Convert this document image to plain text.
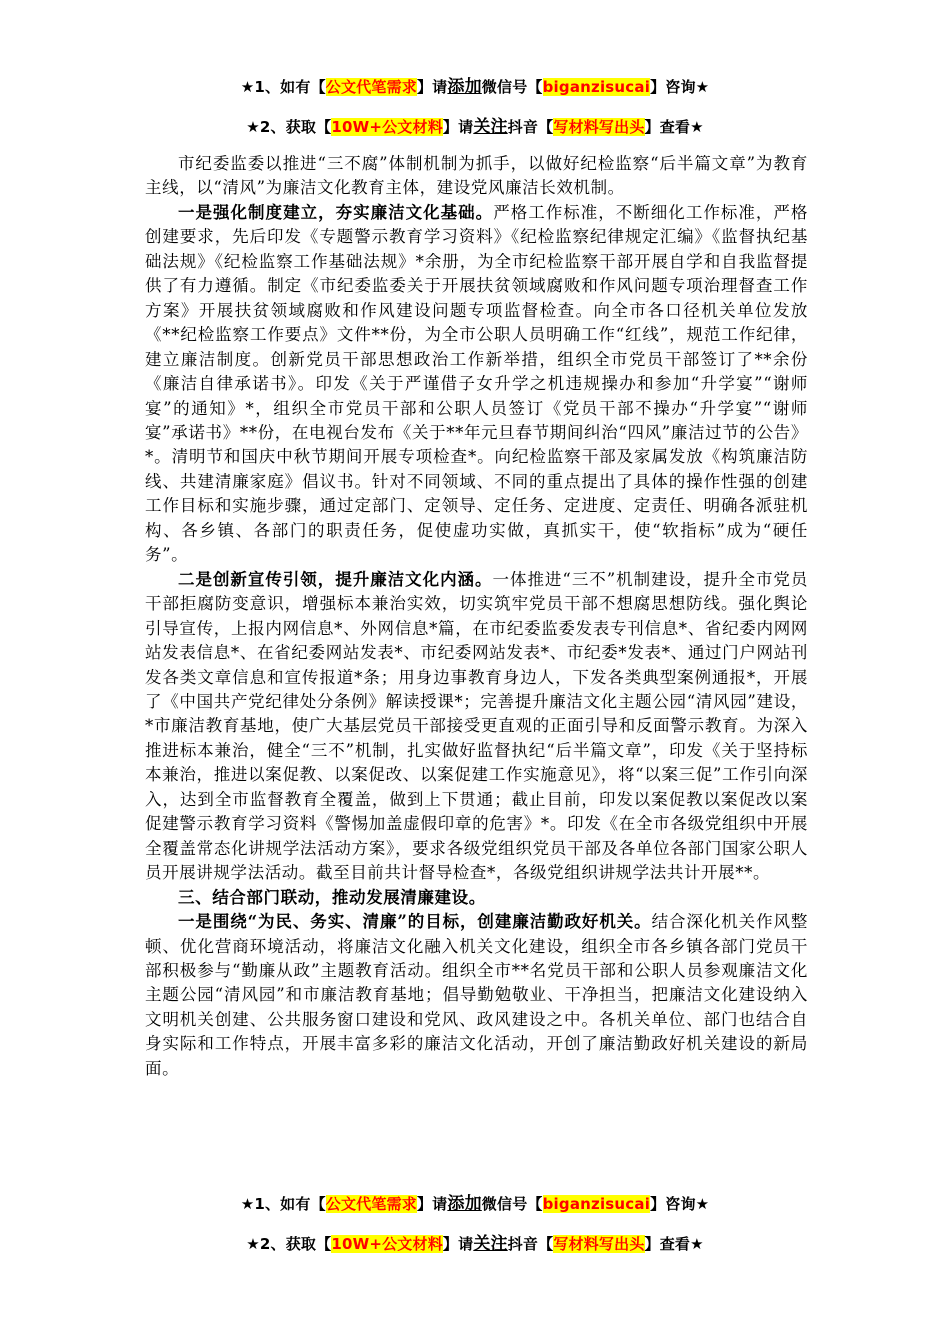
★1、如有【公文代笔需求】请添加微信号【biganzisucai】咨询★
★2、获取【10W+公文材料】请关注抖音【写材料写出头】查看★

市纪委监委以推进“三不腐”体制机制为抓手，以做好纪检监察“后半篇文章”为教育主线，以“清风”为廉洁文化教育主体，建设党风廉洁长效机制。

一是强化制度建立，夯实廉洁文化基础。严格工作标准，不断细化工作标准，严格创建要求，先后印发《专题警示教育学习资料》《纪检监察纪律规定汇编》《监督执纪基础法规》《纪检监察工作基础法规》*余册，为全市纪检监察干部开展自学和自我监督提供了有力遵循。制定《市纪委监委关于开展扶贫领域腐败和作风问题专项治理督查工作方案》开展扶贫领域腐败和作风建设问题专项监督检查。向全市各口径机关单位发放《**纪检监察工作要点》文件**份，为全市公职人员明确工作“红线”，规范工作纪律，建立廉洁制度。创新党员干部思想政治工作新举措，组织全市党员干部签订了**余份《廉洁自律承诺书》。印发《关于严谨借子女升学之机违规操办和参加“升学宴”“谢师宴”的通知》*，组织全市党员干部和公职人员签订《党员干部不操办“升学宴”“谢师宴”承诺书》**份，在电视台发布《关于**年元旦春节期间纠治“四风”廉洁过节的公告》*。清明节和国庆中秋节期间开展专项检查*。向纪检监察干部及家属发放《构筑廉洁防线、共建清廉家庭》倡议书。针对不同领域、不同的重点提出了具体的操作性强的创建工作目标和实施步骤，通过定部门、定领导、定任务、定进度、定责任、明确各派驻机构、各乡镇、各部门的职责任务，促使虚功实做，真抓实干，使“软指标”成为“硬任务”。

二是创新宣传引领，提升廉洁文化内涵。一体推进“三不”机制建设，提升全市党员干部拒腐防变意识，增强标本兼治实效，切实筑牢党员干部不想腐思想防线。强化舆论引导宣传，上报内网信息*、外网信息*篇，在市纪委监委发表专刊信息*、省纪委内网网站发表信息*、在省纪委网站发表*、市纪委网站发表*、市纪委*发表*、通过门户网站刊发各类文章信息和宣传报道*条；用身边事教育身边人，下发各类典型案例通报*，开展了《中国共产党纪律处分条例》解读授课*；完善提升廉洁文化主题公园“清风园”建设，*市廉洁教育基地，使广大基层党员干部接受更直观的正面引导和反面警示教育。为深入推进标本兼治，健全“三不”机制，扎实做好监督执纪“后半篇文章”，印发《关于坚持标本兼治，推进以案促教、以案促改、以案促建工作实施意见》，将“以案三促”工作引向深入，达到全市监督教育全覆盖，做到上下贯通；截止目前，印发以案促教以案促改以案促建警示教育学习资料《警惕加盖虚假印章的危害》*。印发《在全市各级党组织中开展全覆盖常态化讲规学法活动方案》，要求各级党组织党员干部及各单位各部门国家公职人员开展讲规学法活动。截至目前共计督导检查*，各级党组织讲规学法共计开展**。

三、结合部门联动，推动发展清廉建设。

一是围绕“为民、务实、清廉”的目标，创建廉洁勤政好机关。结合深化机关作风整顿、优化营商环境活动，将廉洁文化融入机关文化建设，组织全市各乡镇各部门党员干部积极参与“勤廉从政”主题教育活动。组织全市**名党员干部和公职人员参观廉洁文化主题公园“清风园”和市廉洁教育基地；倡导勤勉敬业、干净担当，把廉洁文化建设纳入文明机关创建、公共服务窗口建设和党风、政风建设之中。各机关单位、部门也结合自身实际和工作特点，开展丰富多彩的廉洁文化活动，开创了廉洁勤政好机关建设的新局面。

★1、如有【公文代笔需求】请添加微信号【biganzisucai】咨询★
★2、获取【10W+公文材料】请关注抖音【写材料写出头】查看★
